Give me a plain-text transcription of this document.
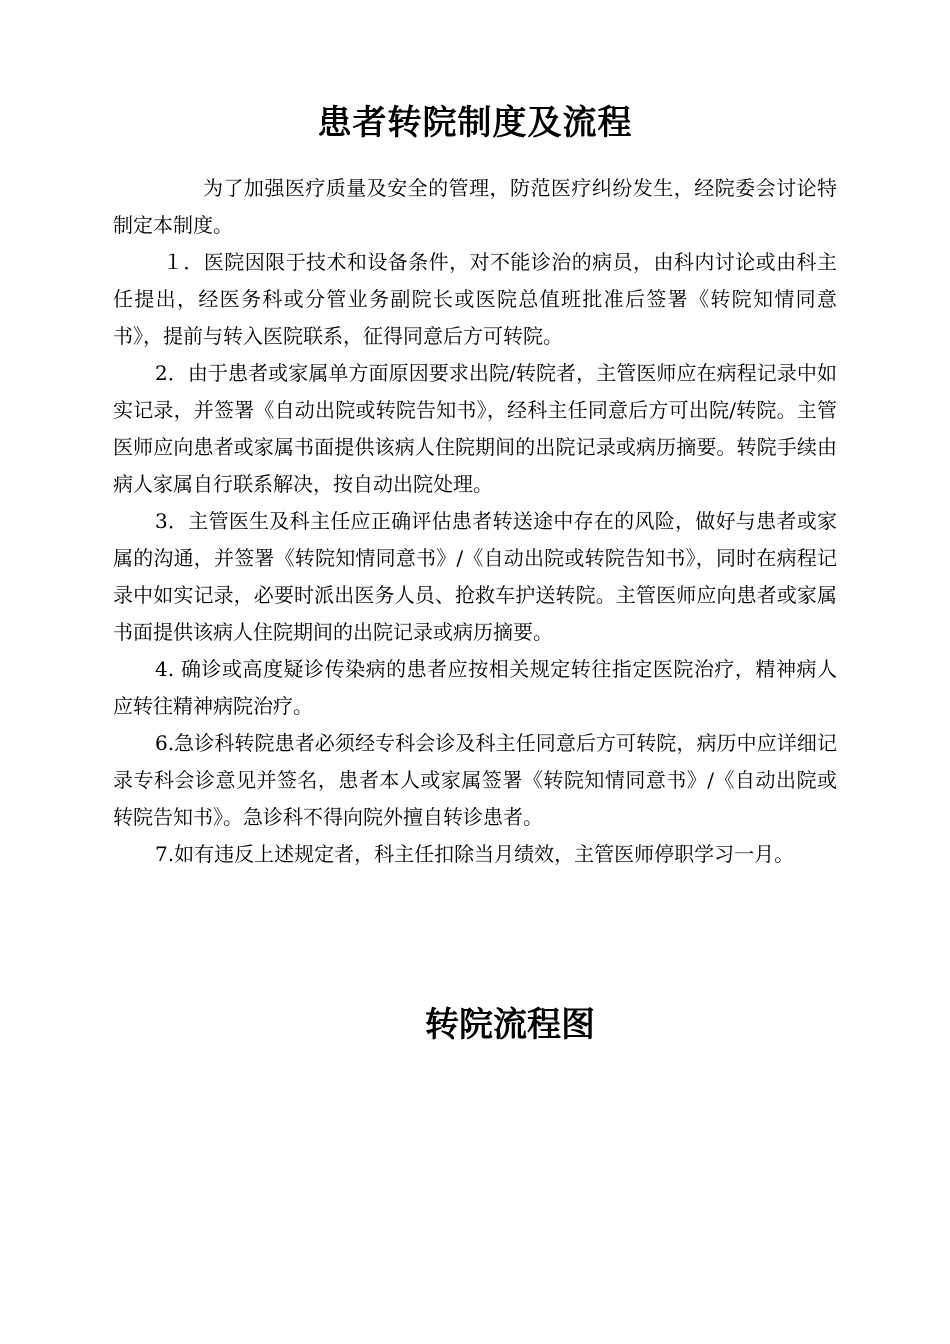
患者转院制度及流程

为了加强医疗质量及安全的管理，防范医疗纠纷发生，经院委会讨论特制定本制度。

１．医院因限于技术和设备条件，对不能诊治的病员，由科内讨论或由科主任提出，经医务科或分管业务副院长或医院总值班批准后签署《转院知情同意书》，提前与转入医院联系，征得同意后方可转院。

2．由于患者或家属单方面原因要求出院/转院者，主管医师应在病程记录中如实记录，并签署《自动出院或转院告知书》，经科主任同意后方可出院/转院。主管医师应向患者或家属书面提供该病人住院期间的出院记录或病历摘要。转院手续由病人家属自行联系解决，按自动出院处理。

3．主管医生及科主任应正确评估患者转送途中存在的风险，做好与患者或家属的沟通，并签署《转院知情同意书》/《自动出院或转院告知书》，同时在病程记录中如实记录，必要时派出医务人员、抢救车护送转院。主管医师应向患者或家属书面提供该病人住院期间的出院记录或病历摘要。

4. 确诊或高度疑诊传染病的患者应按相关规定转往指定医院治疗，精神病人应转往精神病院治疗。

6.急诊科转院患者必须经专科会诊及科主任同意后方可转院，病历中应详细记录专科会诊意见并签名，患者本人或家属签署《转院知情同意书》/《自动出院或转院告知书》。急诊科不得向院外擅自转诊患者。

7.如有违反上述规定者，科主任扣除当月绩效，主管医师停职学习一月。

转院流程图
